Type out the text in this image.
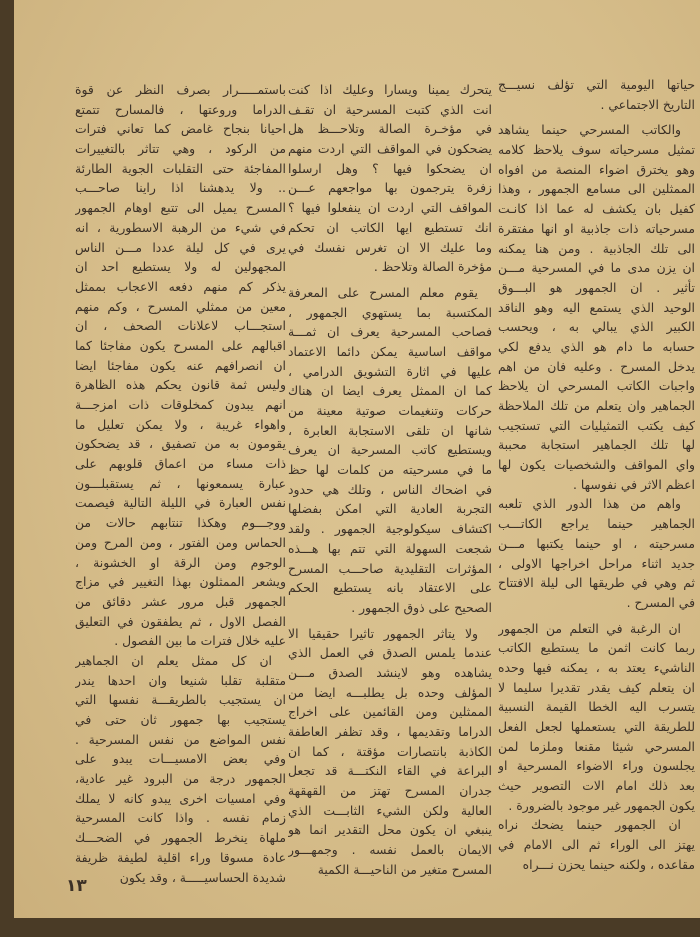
حياتها اليومية التي تؤلف نسيـــج
التاريخ الاجتماعي .
والكاتب المسرحي حينما يشاهد
تمثيل مسرحياته سوف يلاحظ كلامه
وهو يخترق اضواء المنصة من افواه
الممثلين الى مسامع الجمهور ، وهذا
كفيل بان يكشف له عما اذا كانـت
مسرحياته ذات جاذبية او انها مفتقرة
الى تلك الجاذبية . ومن هنا يمكنه
ان يزن مدى ما في المسرحية مـــن
تأثير . ان الجمهور هو البـــوق
الوحيد الذي يستمع اليه وهو الناقد
الكبير الذي يبالي به ، ويحسب
حسابه ما دام هو الذي يدفع لكي
يدخل المسرح . وعليه فان من اهم
واجبات الكاتب المسرحي ان يلاحظ
الجماهير وان يتعلم من تلك الملاحظة
كيف يكتب التمثيليات التي تستجيب
لها تلك الجماهير استجابة محببة
واي المواقف والشخصيات يكون لها
اعظم الاثر في نفوسها .
واهم من هذا الدور الذي تلعبه
الجماهير حينما يراجع الكاتـــب
مسرحيته ، او حينما يكتبها مـــن
جديد اثناء مراحل اخراجها الاولى ،
ثم وهي في طريقها الى ليلة الافتتاح
في المسرح .
ان الرغبة في التعلم من الجمهور
ربما كانت اثمن ما يستطيع الكاتب
الناشيء يعتد به ، يمكنه فيها وحده
ان يتعلم كيف يقدر تقديرا سليما لا
يتسرب اليه الخطا القيمة النسبية
للطريقة التي يستعملها لجعل الفعل
المسرحي شيئا مقنعا وملزما لمن
يجلسون وراء الاضواء المسرحية او
بعد ذلك امام الات التصوير حيث
يكون الجمهور غير موجود بالضرورة .
ان الجمهور حينما يضحك نراه
يهتز الى الوراء ثم الى الامام في
مقاعده ، ولكنه حينما يحزن نـــراه
يتحرك يمينا ويسارا وعليك اذا كنت
انت الذي كتبت المسرحية ان تقـف
في مؤخـرة الصالة وتلاحـــظ هل
يضحكون في المواقف التي اردت منهم
ان يضحكوا فيها ؟ وهل ارسلوا
زفرة يترجمون بها مواجعهم عـــن
المواقف التي اردت ان ينفعلوا فيها ؟
انك تستطيع ايها الكاتب ان تحكم
وما عليك الا ان تغرس نفسك في
مؤخرة الصالة وتلاحظ .
يقوم معلم المسرح على المعرفة
المكتسبة بما يستهوي الجمهور ،
فصاحب المسرحية يعرف ان ثمـــة
مواقف اساسية يمكن دائما الاعتماد
عليها في اثارة التشويق الدرامي ،
كما ان الممثل يعرف ايضا ان هناك
حركات وتنغيمات صوتية معينة من
شانها ان تلقى الاستجابة العابرة ،
ويستطيع كاتب المسرحية ان يعرف
ما في مسرحيته من كلمات لها حظ
في اضحاك الناس ، وتلك هي حدود
التجربة العادية التي امكن بفضلها
اكتشاف سيكولوجية الجمهور . ولقد
شجعت السهولة التي تتم بها هـــذه
المؤثرات التقليدية صاحـــب المسرح
على الاعتقاد بانه يستطيع الحكم
الصحيح على ذوق الجمهور .
ولا يتاثر الجمهور تاثيرا حقيقيا الا
عندما يلمس الصدق في العمل الذي
يشاهده وهو لاينشد الصدق مـــن
المؤلف وحده بل يطلبـــه ايضا من
الممثلين ومن القائمين على اخراج
الدراما وتقديمها ، وقد تظفر العاطفة
الكاذبة بانتصارات مؤقتة ، كما ان
البراعة في القاء النكتـــة قد تجعل
جدران المسرح تهتز من القهقهة
العالية ولكن الشيء الثابـــت الذي
ينبغي ان يكون محل التقدير انما هو
الايمان بالعمل نفسه . وجمهـــور
المسرح متغير من الناحيـــة الكمية
باستمـــــرار بصرف النظر عن قوة
الدراما وروعتها ، فالمسارح تتمتع
احيانا بنجاح غامض كما تعاني فترات
من الركود ، وهي تتاثر بالتغييرات
المفاجئة حتى التقلبات الجوية الطارئة
.. ولا يدهشنا اذا راينا صاحـــب
المسرح يميل الى تتبع اوهام الجمهور
في شيء من الرهبة الاسطورية ، انه
يرى في كل ليلة عددا مـــن الناس
المجهولين له ولا يستطيع احد ان
يذكر كم منهم دفعه الاعجاب بممثل
معين من ممثلي المسرح ، وكم منهم
استجـــاب لاعلانات الصحف ، ان
اقبالهم على المسرح يكون مفاجئا كما
ان انصرافهم عنه يكون مفاجئا ايضا
وليس ثمة قانون يحكم هذه الظاهرة
انهم يبدون كمخلوقات ذات امزجـــة
واهواء غريبة ، ولا يمكن تعليل ما
يقومون به من تصفيق ، قد يضحكون
ذات مساء من اعماق قلوبهم على
عبارة يسمعونها ، ثم يستقبلـــون
نفس العبارة في الليلة التالية فيصمت
ووجـــوم وهكذا تنتابهم حالات من
الحماس ومن الفتور ، ومن المرح ومن
الوجوم ومن الرقة او الخشونة ،
ويشعر الممثلون بهذا التغيير في مزاج
الجمهور قبل مرور عشر دقائق من
الفصل الاول ، ثم يطفقون في التعليق
عليه خلال فترات ما بين الفصول .
ان كل ممثل يعلم ان الجماهير
متقلبة تقلبا شنيعا وان احدها يندر
ان يستجيب بالطريقـــة نفسها التي
يستجيب بها جمهور ثان حتى في
نفس المواضع من نفس المسرحية .
وفي بعض الامسيـــات يبدو على
الجمهور درجة من البرود غير عادية،
وفي امسيات اخرى يبدو كانه لا يملك
زمام نفسه . واذا كانت المسرحية
ملهاة ينخرط الجمهور في الضحـــك
عادة مسوقا وراء اقلية لطيفة ظريفة
شديدة الحساسيـــــة ، وقد يكون
١٣
